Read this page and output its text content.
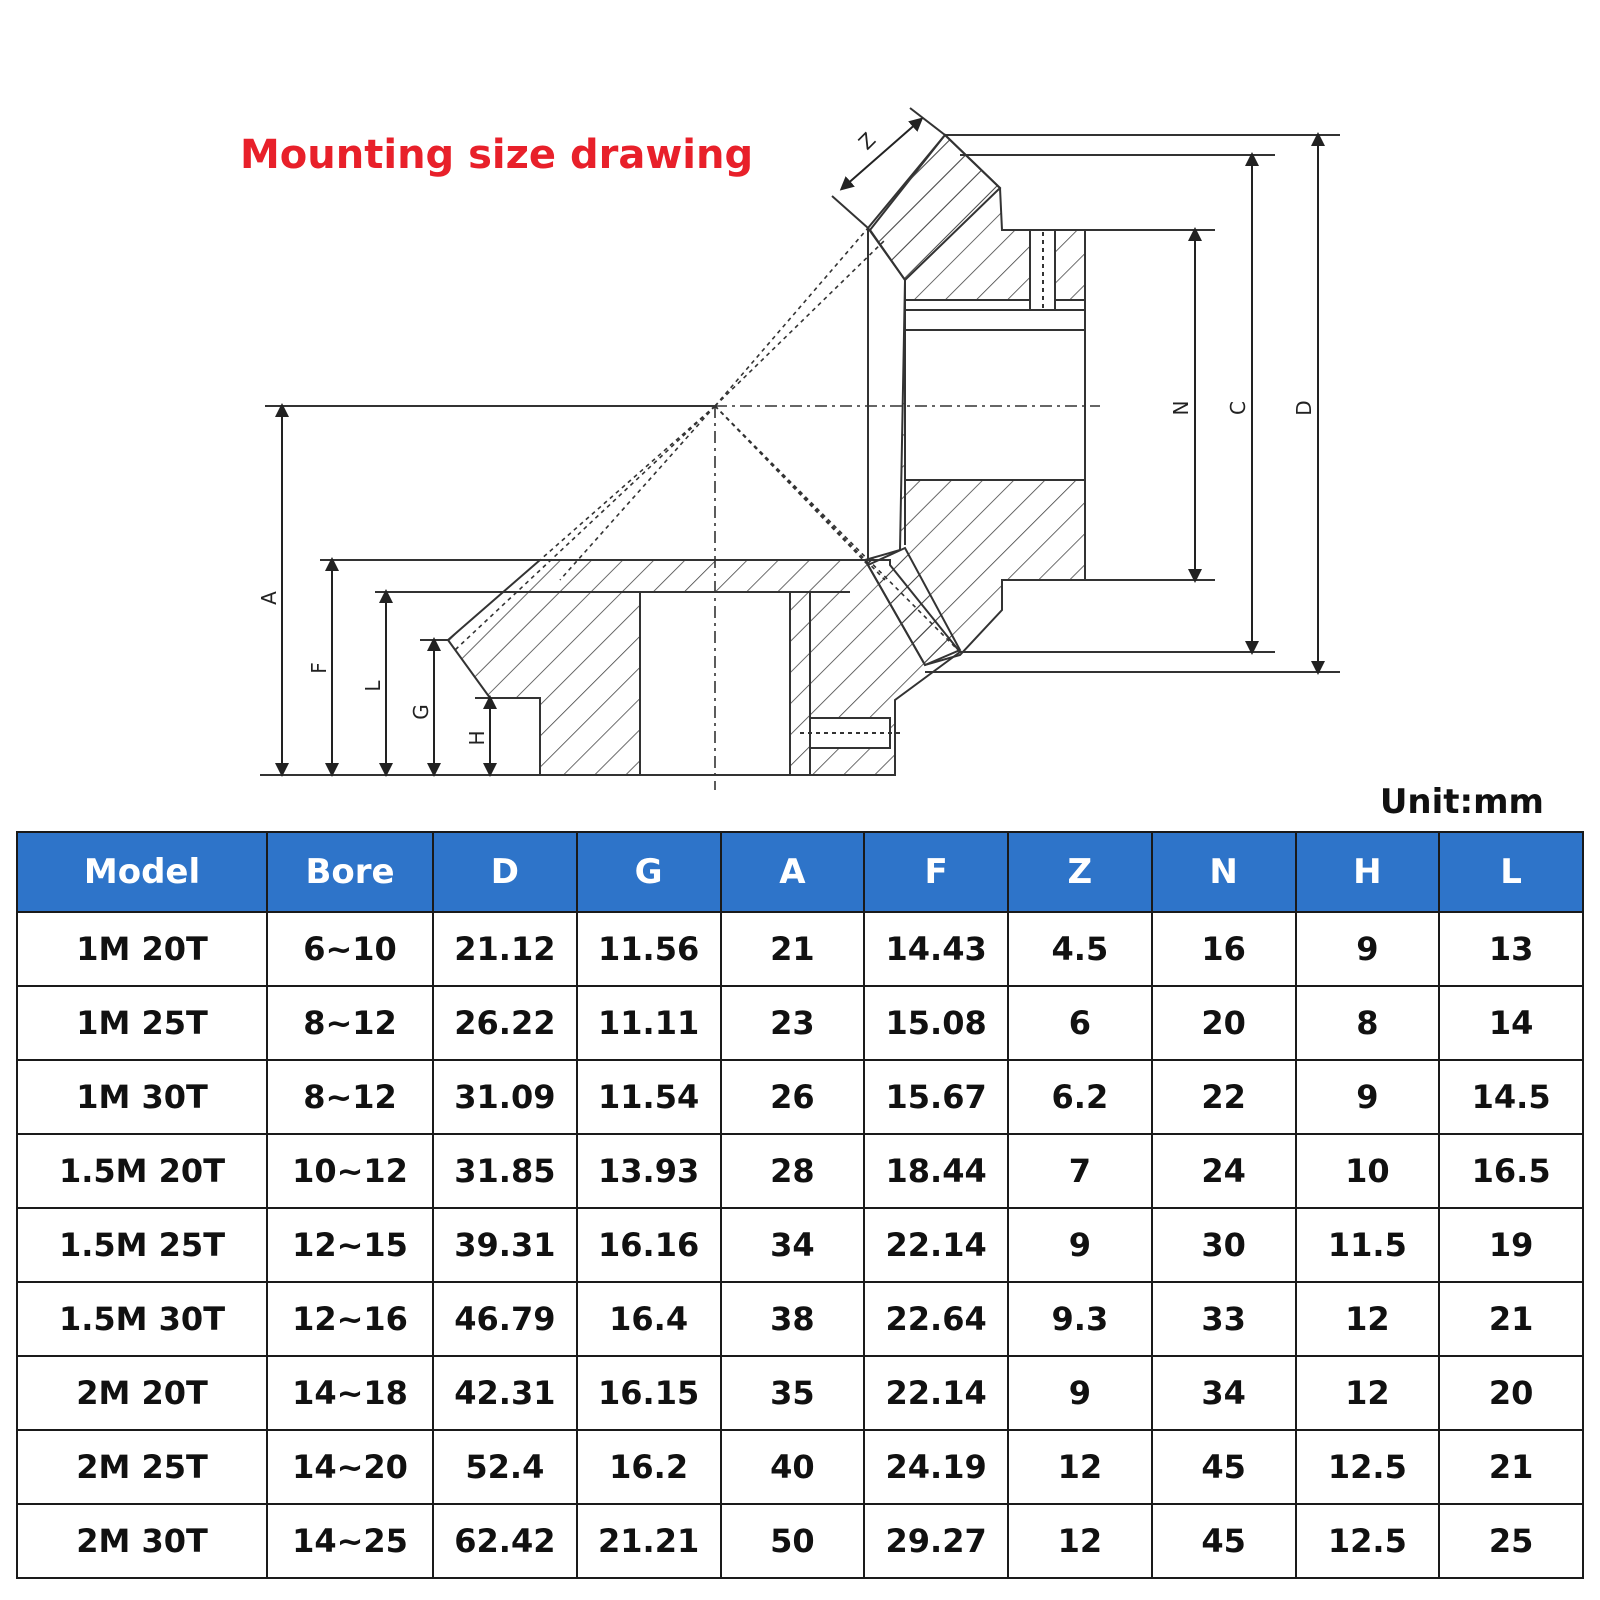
Mounting size drawing
A
F
L
G
H
N C D
Z
Unit:mm
Model	Bore	D	G	A	F	Z	N	H	L
1M 20T	6~10	21.12	11.56	21	14.43	4.5	16	9	13
1M 25T	8~12	26.22	11.11	23	15.08	6	20	8	14
1M 30T	8~12	31.09	11.54	26	15.67	6.2	22	9	14.5
1.5M 20T	10~12	31.85	13.93	28	18.44	7	24	10	16.5
1.5M 25T	12~15	39.31	16.16	34	22.14	9	30	11.5	19
1.5M 30T	12~16	46.79	16.4	38	22.64	9.3	33	12	21
2M 20T	14~18	42.31	16.15	35	22.14	9	34	12	20
2M 25T	14~20	52.4	16.2	40	24.19	12	45	12.5	21
2M 30T	14~25	62.42	21.21	50	29.27	12	45	12.5	25
